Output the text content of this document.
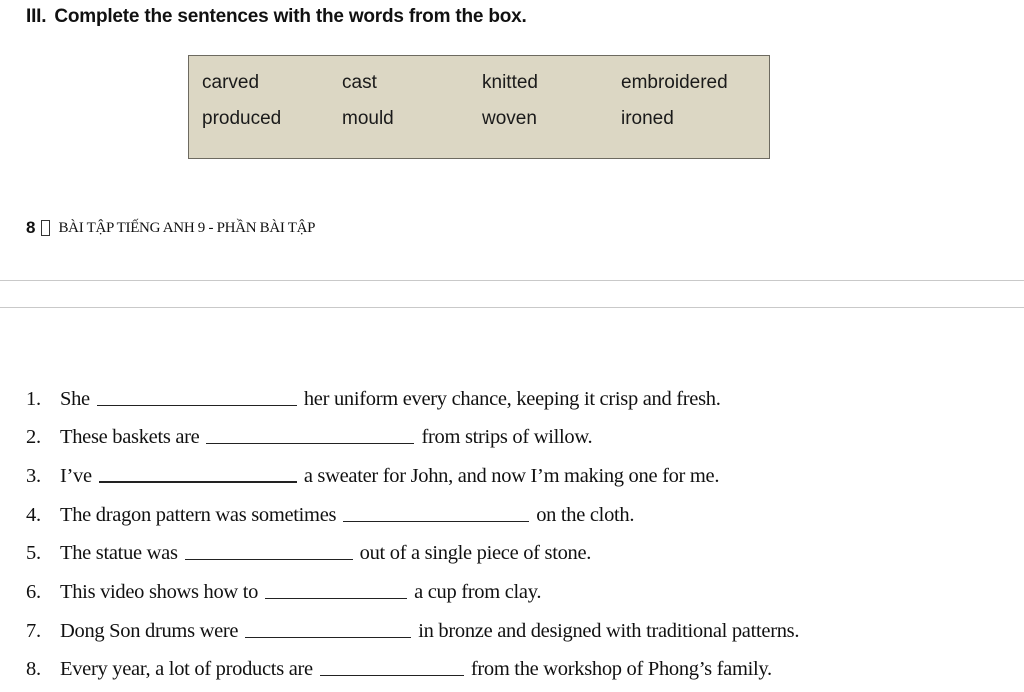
III. Complete the sentences with the words from the box.
carved	cast	knitted	embroidered
produced	mould	woven	ironed
8 BÀI TẬP TIẾNG ANH 9 - PHẦN BÀI TẬP
1. She	her uniform every chance, keeping it crisp and fresh.
2. These baskets are	from strips of willow.
3. I’ve	a sweater for John, and now I’m making one for me.
4. The dragon pattern was sometimes	on the cloth.
5. The statue was	out of a single piece of stone.
6. This video shows how to	a cup from clay.
7. Dong Son drums were	in bronze and designed with traditional patterns.
8. Every year, a lot of products are	from the workshop of Phong’s family.
